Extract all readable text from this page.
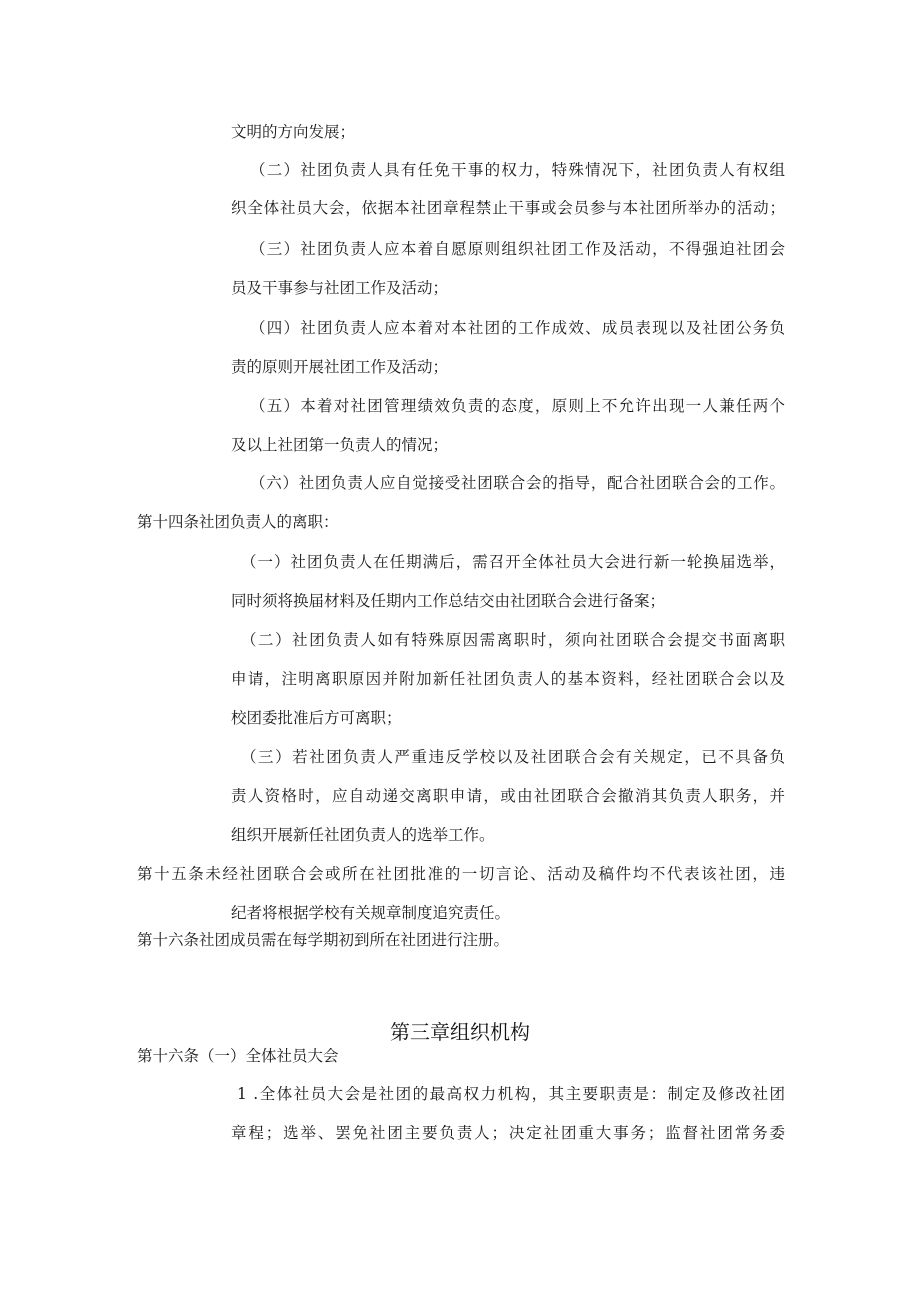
文明的方向发展；

（二）社团负责人具有任免干事的权力，特殊情况下，社团负责人有权组

织全体社员大会，依据本社团章程禁止干事或会员参与本社团所举办的活动；

（三）社团负责人应本着自愿原则组织社团工作及活动，不得强迫社团会

员及干事参与社团工作及活动；

（四）社团负责人应本着对本社团的工作成效、成员表现以及社团公务负

责的原则开展社团工作及活动；

（五）本着对社团管理绩效负责的态度，原则上不允许出现一人兼任两个

及以上社团第一负责人的情况；

（六）社团负责人应自觉接受社团联合会的指导，配合社团联合会的工作。

第十四条社团负责人的离职：

（一）社团负责人在任期满后，需召开全体社员大会进行新一轮换届选举，

同时须将换届材料及任期内工作总结交由社团联合会进行备案；

（二）社团负责人如有特殊原因需离职时，须向社团联合会提交书面离职

申请，注明离职原因并附加新任社团负责人的基本资料，经社团联合会以及

校团委批准后方可离职；

（三）若社团负责人严重违反学校以及社团联合会有关规定，已不具备负

责人资格时，应自动递交离职申请，或由社团联合会撤消其负责人职务，并

组织开展新任社团负责人的选举工作。

第十五条未经社团联合会或所在社团批准的一切言论、活动及稿件均不代表该社团，违

纪者将根据学校有关规章制度追究责任。

第十六条社团成员需在每学期初到所在社团进行注册。

第三章组织机构

第十六条（一）全体社员大会

1 .全体社员大会是社团的最高权力机构，其主要职责是：制定及修改社团

章程；选举、罢免社团主要负责人；决定社团重大事务；监督社团常务委
